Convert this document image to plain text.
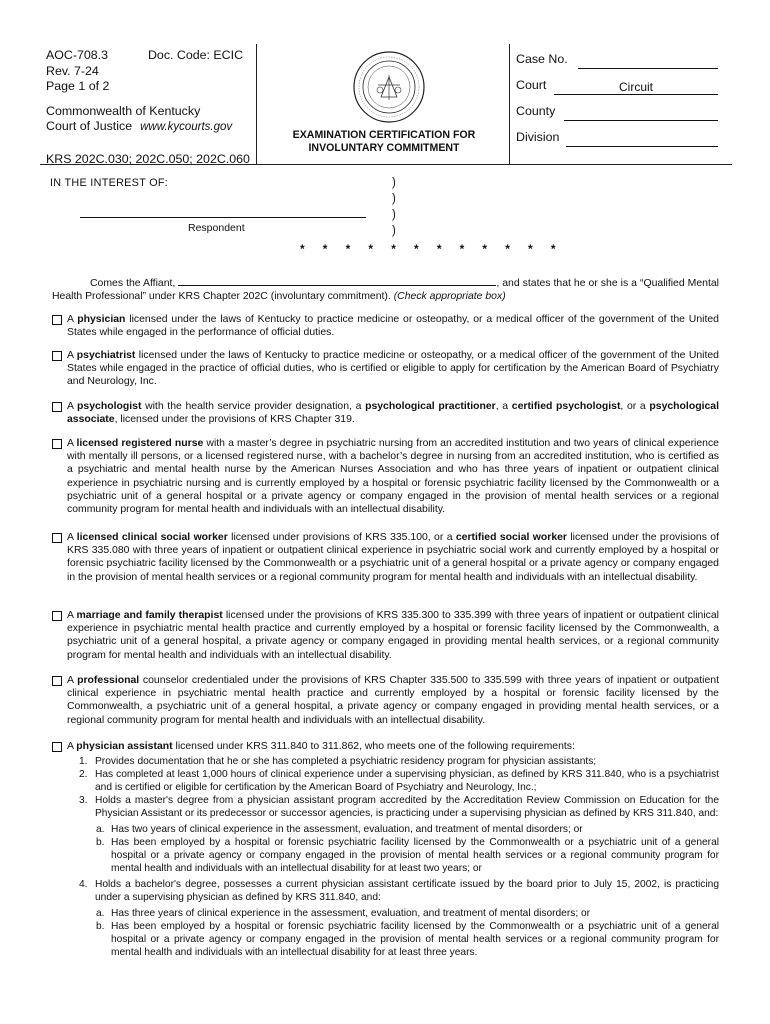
AOC-708.3	Doc. Code: ECIC
Rev. 7-24
Page 1 of 2
Commonwealth of Kentucky
Court of Justice www.kycourts.gov
KRS 202C.030; 202C.050; 202C.060
EXAMINATION CERTIFICATION FOR
INVOLUNTARY COMMITMENT
Case No.
Court	Circuit
County
Division
IN THE INTEREST OF:	)
)
)
)
Respondent
* * * * * * * * * * * *
Comes the Affiant,	, and states that he or she is a “Qualified Mental Health Professional” under KRS Chapter 202C (involuntary commitment). (Check appropriate box)
A physician licensed under the laws of Kentucky to practice medicine or osteopathy, or a medical officer of the government of the United States while engaged in the performance of official duties.
A psychiatrist licensed under the laws of Kentucky to practice medicine or osteopathy, or a medical officer of the government of the United States while engaged in the practice of official duties, who is certified or eligible to apply for certification by the American Board of Psychiatry and Neurology, Inc.
A psychologist with the health service provider designation, a psychological practitioner, a certified psychologist, or a psychological associate, licensed under the provisions of KRS Chapter 319.
A licensed registered nurse with a master’s degree in psychiatric nursing from an accredited institution and two years of clinical experience with mentally ill persons, or a licensed registered nurse, with a bachelor’s degree in nursing from an accredited institution, who is certified as a psychiatric and mental health nurse by the American Nurses Association and who has three years of inpatient or outpatient clinical experience in psychiatric nursing and is currently employed by a hospital or forensic psychiatric facility licensed by the Commonwealth or a psychiatric unit of a general hospital or a private agency or company engaged in the provision of mental health services or a regional community program for mental health and individuals with an intellectual disability.
A licensed clinical social worker licensed under provisions of KRS 335.100, or a certified social worker licensed under the provisions of KRS 335.080 with three years of inpatient or outpatient clinical experience in psychiatric social work and currently employed by a hospital or forensic psychiatric facility licensed by the Commonwealth or a psychiatric unit of a general hospital or a private agency or company engaged in the provision of mental health services or a regional community program for mental health and individuals with an intellectual disability.
A marriage and family therapist licensed under the provisions of KRS 335.300 to 335.399 with three years of inpatient or outpatient clinical experience in psychiatric mental health practice and currently employed by a hospital or forensic facility licensed by the Commonwealth, a psychiatric unit of a general hospital, a private agency or company engaged in providing mental health services, or a regional community program for mental health and individuals with an intellectual disability.
A professional counselor credentialed under the provisions of KRS Chapter 335.500 to 335.599 with three years of inpatient or outpatient clinical experience in psychiatric mental health practice and currently employed by a hospital or forensic facility licensed by the Commonwealth, a psychiatric unit of a general hospital, a private agency or company engaged in providing mental health services, or a regional community program for mental health and individuals with an intellectual disability.
A physician assistant licensed under KRS 311.840 to 311.862, who meets one of the following requirements:
1. Provides documentation that he or she has completed a psychiatric residency program for physician assistants;
2. Has completed at least 1,000 hours of clinical experience under a supervising physician, as defined by KRS 311.840, who is a psychiatrist and is certified or eligible for certification by the American Board of Psychiatry and Neurology, Inc.;
3. Holds a master's degree from a physician assistant program accredited by the Accreditation Review Commission on Education for the Physician Assistant or its predecessor or successor agencies, is practicing under a supervising physician as defined by KRS 311.840, and:
a. Has two years of clinical experience in the assessment, evaluation, and treatment of mental disorders; or
b. Has been employed by a hospital or forensic psychiatric facility licensed by the Commonwealth or a psychiatric unit of a general hospital or a private agency or company engaged in the provision of mental health services or a regional community program for mental health and individuals with an intellectual disability for at least two years; or
4. Holds a bachelor's degree, possesses a current physician assistant certificate issued by the board prior to July 15, 2002, is practicing under a supervising physician as defined by KRS 311.840, and:
a. Has three years of clinical experience in the assessment, evaluation, and treatment of mental disorders; or
b. Has been employed by a hospital or forensic psychiatric facility licensed by the Commonwealth or a psychiatric unit of a general hospital or a private agency or company engaged in the provision of mental health services or a regional community program for mental health and individuals with an intellectual disability for at least three years.
